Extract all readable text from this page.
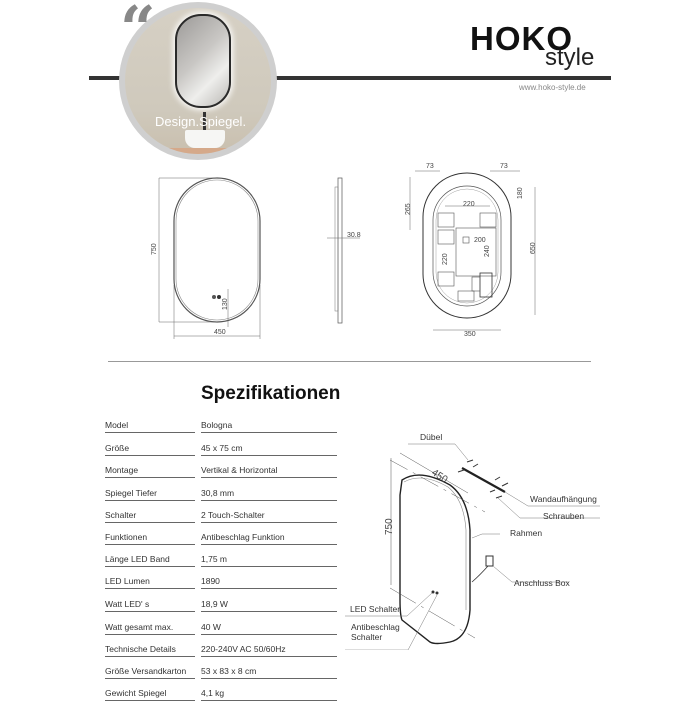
Design.Spiegel.
“	HOKO
style
www.hoko-style.de
750
450
130
30.8
73	73
180
265	220
200
240
220
650
350
Spezifikationen
Model	Bologna
Größe	45 x 75 cm
Montage	Vertikal & Horizontal
Spiegel Tiefer	30,8 mm
Schalter	2 Touch-Schalter
Funktionen	Antibeschlag Funktion
Länge LED Band	1,75 m
LED Lumen	1890
Watt LED' s	18,9 W
Watt gesamt max.	40 W
Technische Details	220-240V AC 50/60Hz
Größe Versandkarton	53 x 83 x 8 cm
Gewicht Spiegel	4,1 kg
450
750
Dübel
Wandaufhängung
Schrauben
Rahmen
Anschluss Box
LED Schalter
Antibeschlag
Schalter
